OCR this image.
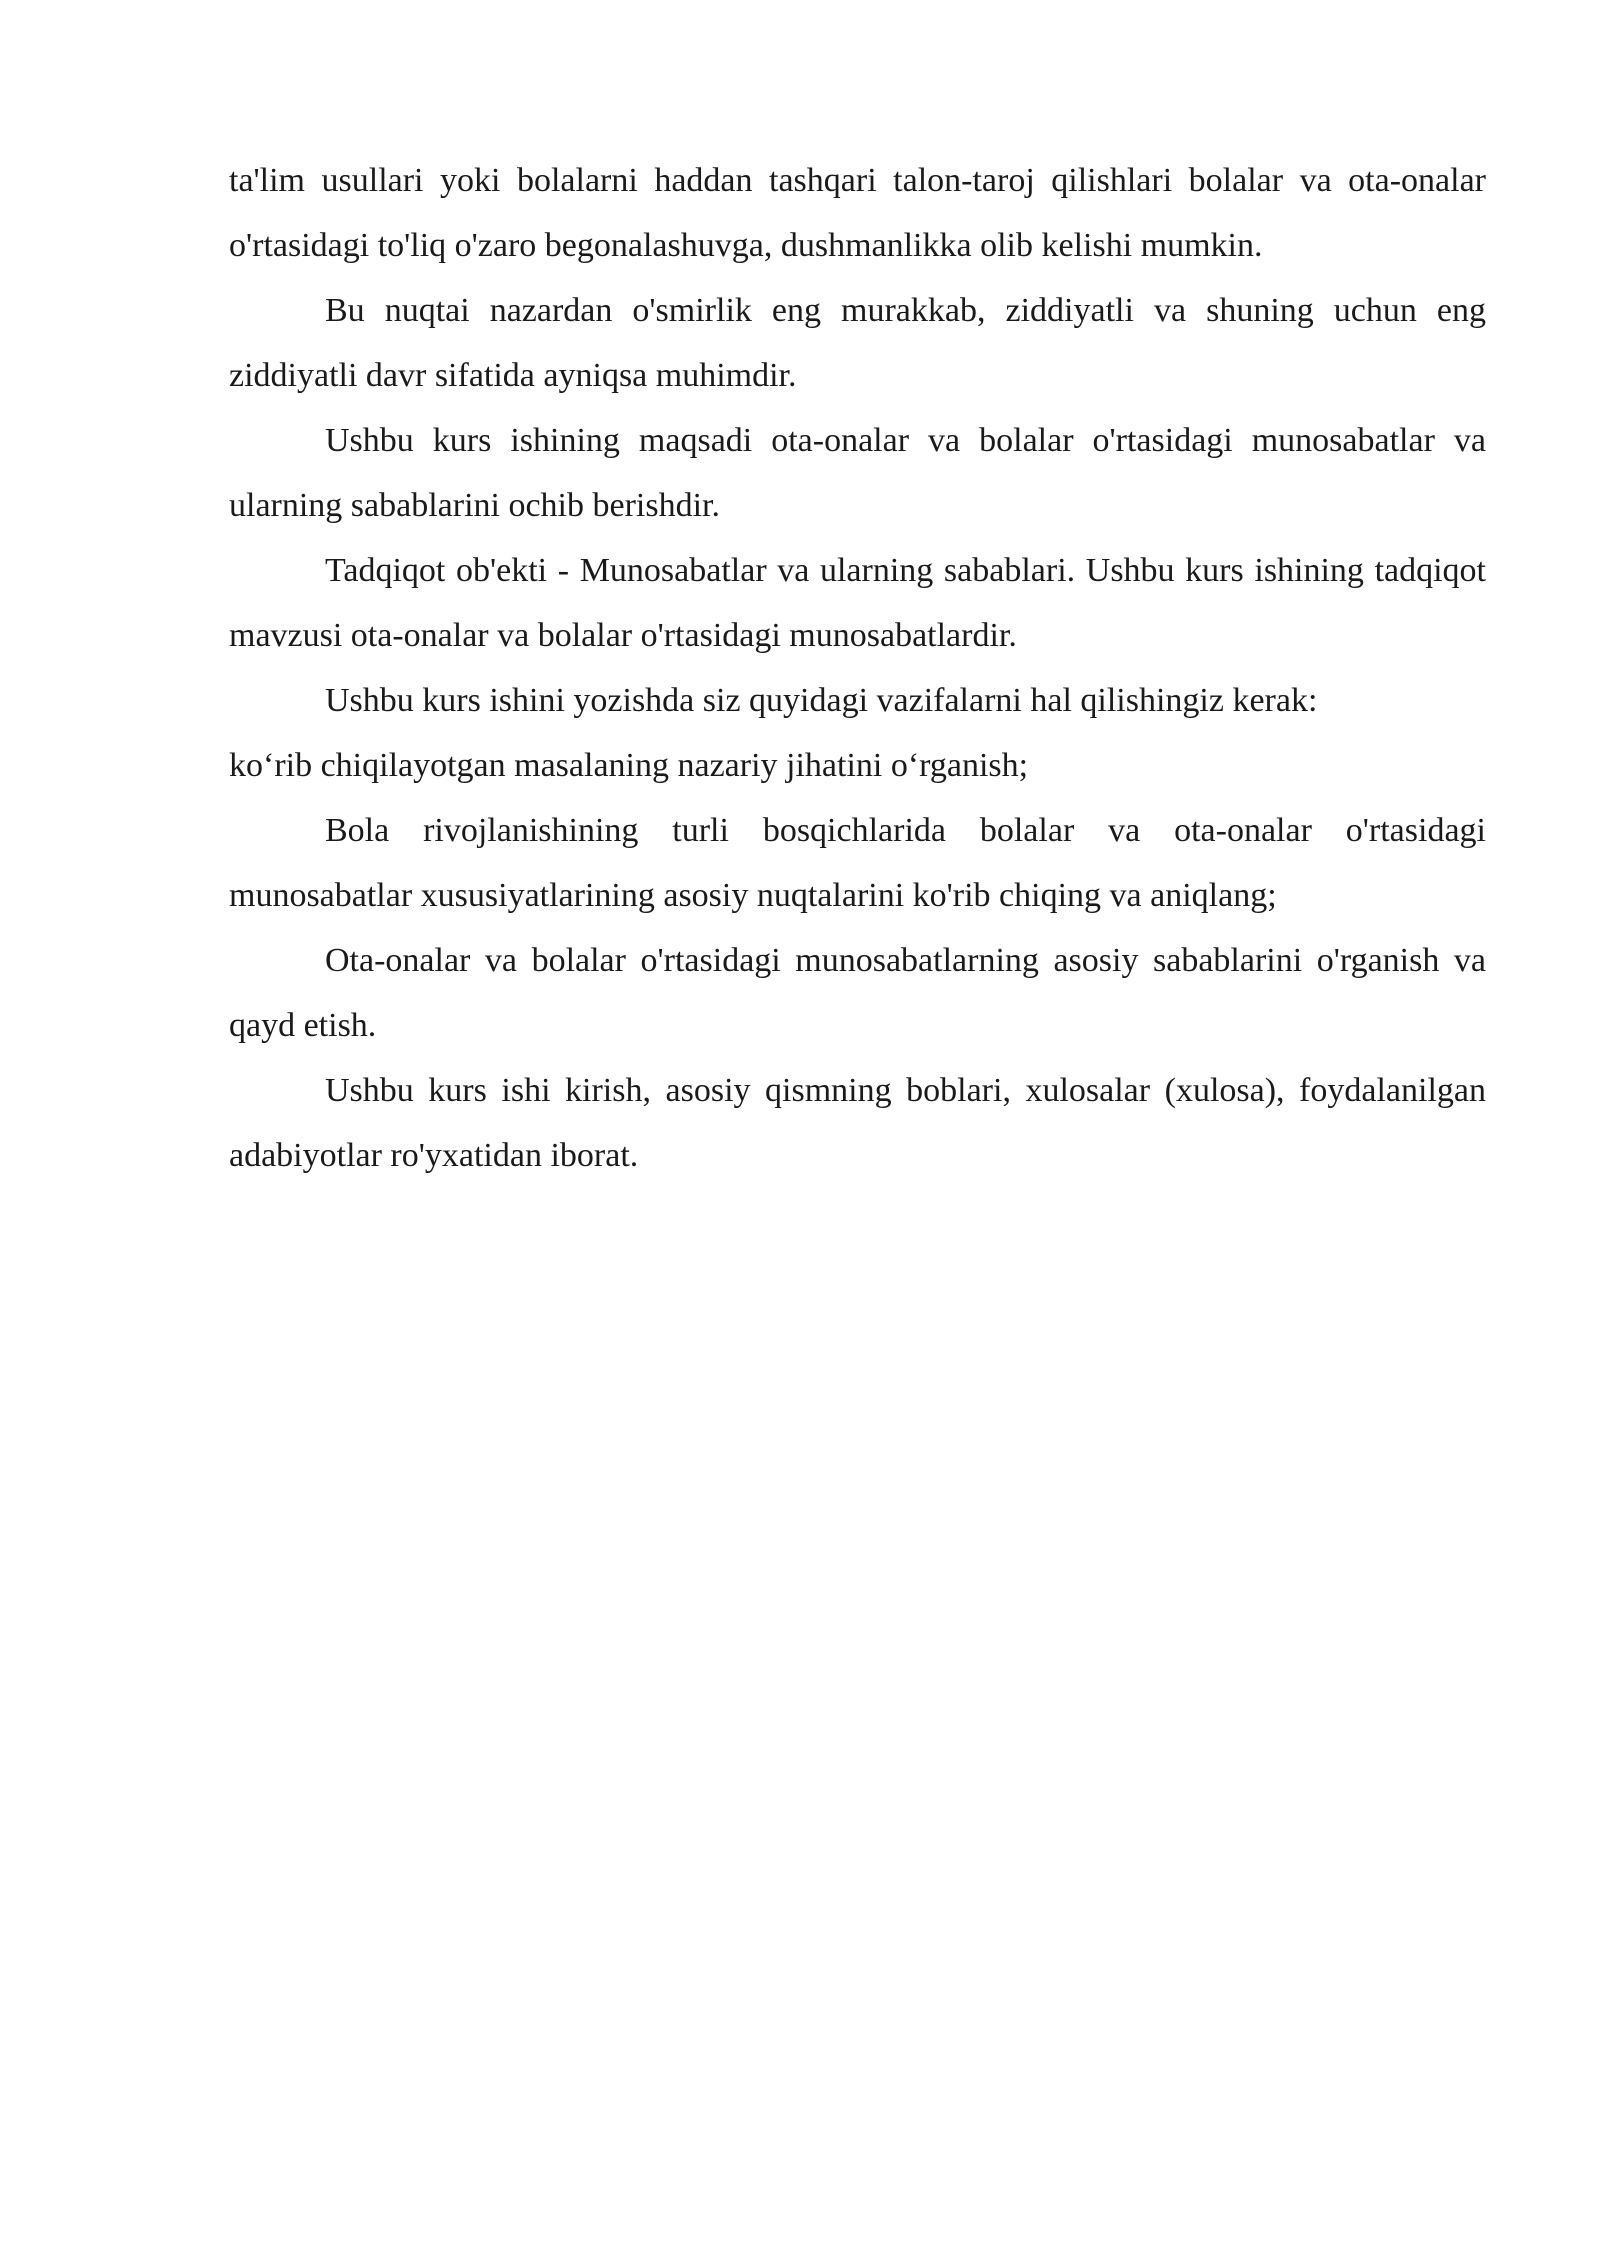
ta'lim usullari yoki bolalarni haddan tashqari talon-taroj qilishlari bolalar va ota-onalar o'rtasidagi to'liq o'zaro begonalashuvga, dushmanlikka olib kelishi mumkin.

Bu nuqtai nazardan o'smirlik eng murakkab, ziddiyatli va shuning uchun eng ziddiyatli davr sifatida ayniqsa muhimdir.

Ushbu kurs ishining maqsadi ota-onalar va bolalar o'rtasidagi munosabatlar va ularning sabablarini ochib berishdir.

Tadqiqot ob'ekti - Munosabatlar va ularning sabablari. Ushbu kurs ishining tadqiqot mavzusi ota-onalar va bolalar o'rtasidagi munosabatlardir.

Ushbu kurs ishini yozishda siz quyidagi vazifalarni hal qilishingiz kerak:

ko‘rib chiqilayotgan masalaning nazariy jihatini o‘rganish;

Bola rivojlanishining turli bosqichlarida bolalar va ota-onalar o'rtasidagi munosabatlar xususiyatlarining asosiy nuqtalarini ko'rib chiqing va aniqlang;

Ota-onalar va bolalar o'rtasidagi munosabatlarning asosiy sabablarini o'rganish va qayd etish.

Ushbu kurs ishi kirish, asosiy qismning boblari, xulosalar (xulosa), foydalanilgan adabiyotlar ro'yxatidan iborat.
